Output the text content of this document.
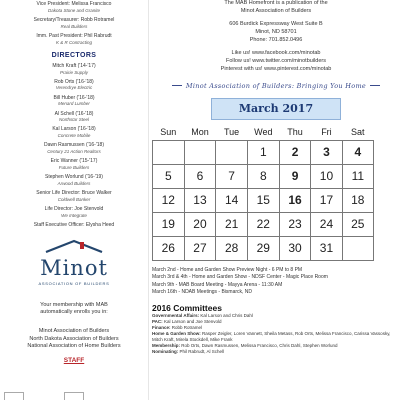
Vice President: Melissa Francisco
Dakota Stone and Granite
Secretary/Treasurer: Robb Rotramel
Real Builders
Imm. Past President: Phil Rabrudt
K & R Contracting
DIRECTORS
Mitch Kraft ('14-'17)
Prairie Supply
Rob Orts ('16-'18)
Verendrye Electric
Bill Huber ('16-'18)
Menard Lumber
Al Schell ('16-'18)
Northstar Steel
Kal Larson ('16-'18)
Concrete Mobile
Dawn Rasmussen ('16-'18)
Century 21 Action Realtors
Eric Wanner ('15-'17)
Future Builders
Stephen Worlund ('16-'19)
Arwood Builders
Senior Life Director: Bruce Walker
Coldwell Banker
Life Director: Joe Stenvold
We Integrate
Staff Executive Officer: Elysha Heed
Minot
ASSOCIATION OF BUILDERS
Your membership with MAB
automatically enrolls you in:
Minot Association of Builders
North Dakota Association of Builders
National Association of Home Builders
STAFF
The MAB Homefront is a publication of the
Minot Association of Builders
606 Burdick Expressway West Suite B
Minot, ND 58701
Phone: 701.852.0496
Like us! www.facebook.com/minotab
Follow us! www.twitter.com/minotbuilders
Pinterest with us! www.pinterest.com/minotab
Minot Association of Builders: Bringing You Home
March 2017
Sun	Mon	Tue	Wed	Thu	Fri	Sat
			1	2	3	4
5	6	7	8	9	10	11
12	13	14	15	16	17	18
19	20	21	22	23	24	25
26	27	28	29	30	31	
March 2nd - Home and Garden Show Preview Night - 6 PM to 8 PM
March 3rd & 4th - Home and Garden Show - NDSF Center - Magic Place Room
March 9th - MAB Board Meeting - Mayya Arena - 11:30 AM
March 16th - NDAB Meetings - Bismarck, ND
2016 Committees
Governmental Affairs: Kal Larson and Chris Dahl
PAC: Kal Larson and Joe Stenvold
Finance: Robb Rotramel
Home & Garden Show: Rasper Zeigler, Loren Vannett, Sheila Metass, Rob Orts, Melissa Francisco, Carissa Vassosky, Mitch Kraft, Mirela Stockdell, Mike Frank
Membership: Rob Orts, Dawn Rasmussen, Melissa Francisco, Chris Dahl, Stephen Worlund
Nominating: Phil Rabrudt, Al Schell
